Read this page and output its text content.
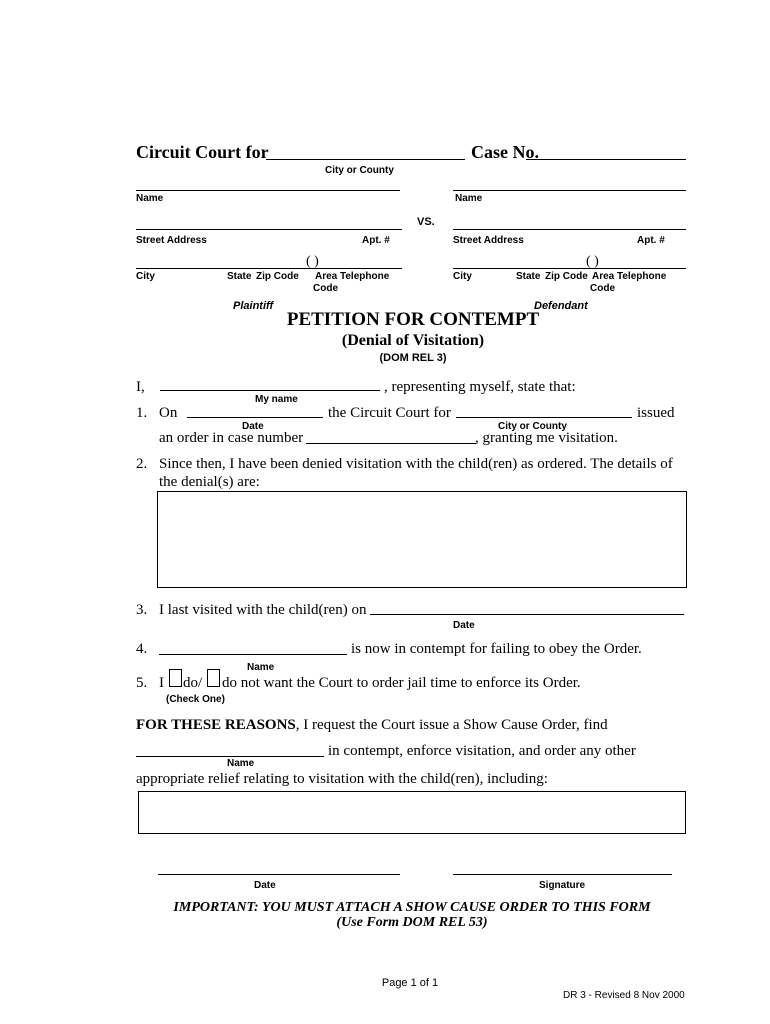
Circuit Court for	Case No.
City or County
Name
Street Address	Apt. #
( )
City	State Zip Code Area Telephone
Code
Plaintiff
VS.
Name
Street Address	Apt. #
( )
City	State Zip Code Area Telephone
Code
Defendant
PETITION FOR CONTEMPT
(Denial of Visitation)
(DOM REL 3)
I,	, representing myself, state that:
My name
1. On	the Circuit Court for	issued
Date	City or County
an order in case number	, granting me visitation.
2. Since then, I have been denied visitation with the child(ren) as ordered. The details of
the denial(s) are:
3. I last visited with the child(ren) on
Date
4.	is now in contempt for failing to obey the Order.
Name
5. I do/ do not want the Court to order jail time to enforce its Order.
(Check One)
FOR THESE REASONS, I request the Court issue a Show Cause Order, find
in contempt, enforce visitation, and order any other
Name
appropriate relief relating to visitation with the child(ren), including:
Date	Signature
IMPORTANT: YOU MUST ATTACH A SHOW CAUSE ORDER TO THIS FORM
(Use Form DOM REL 53)
Page 1 of 1
DR 3 - Revised 8 Nov 2000
